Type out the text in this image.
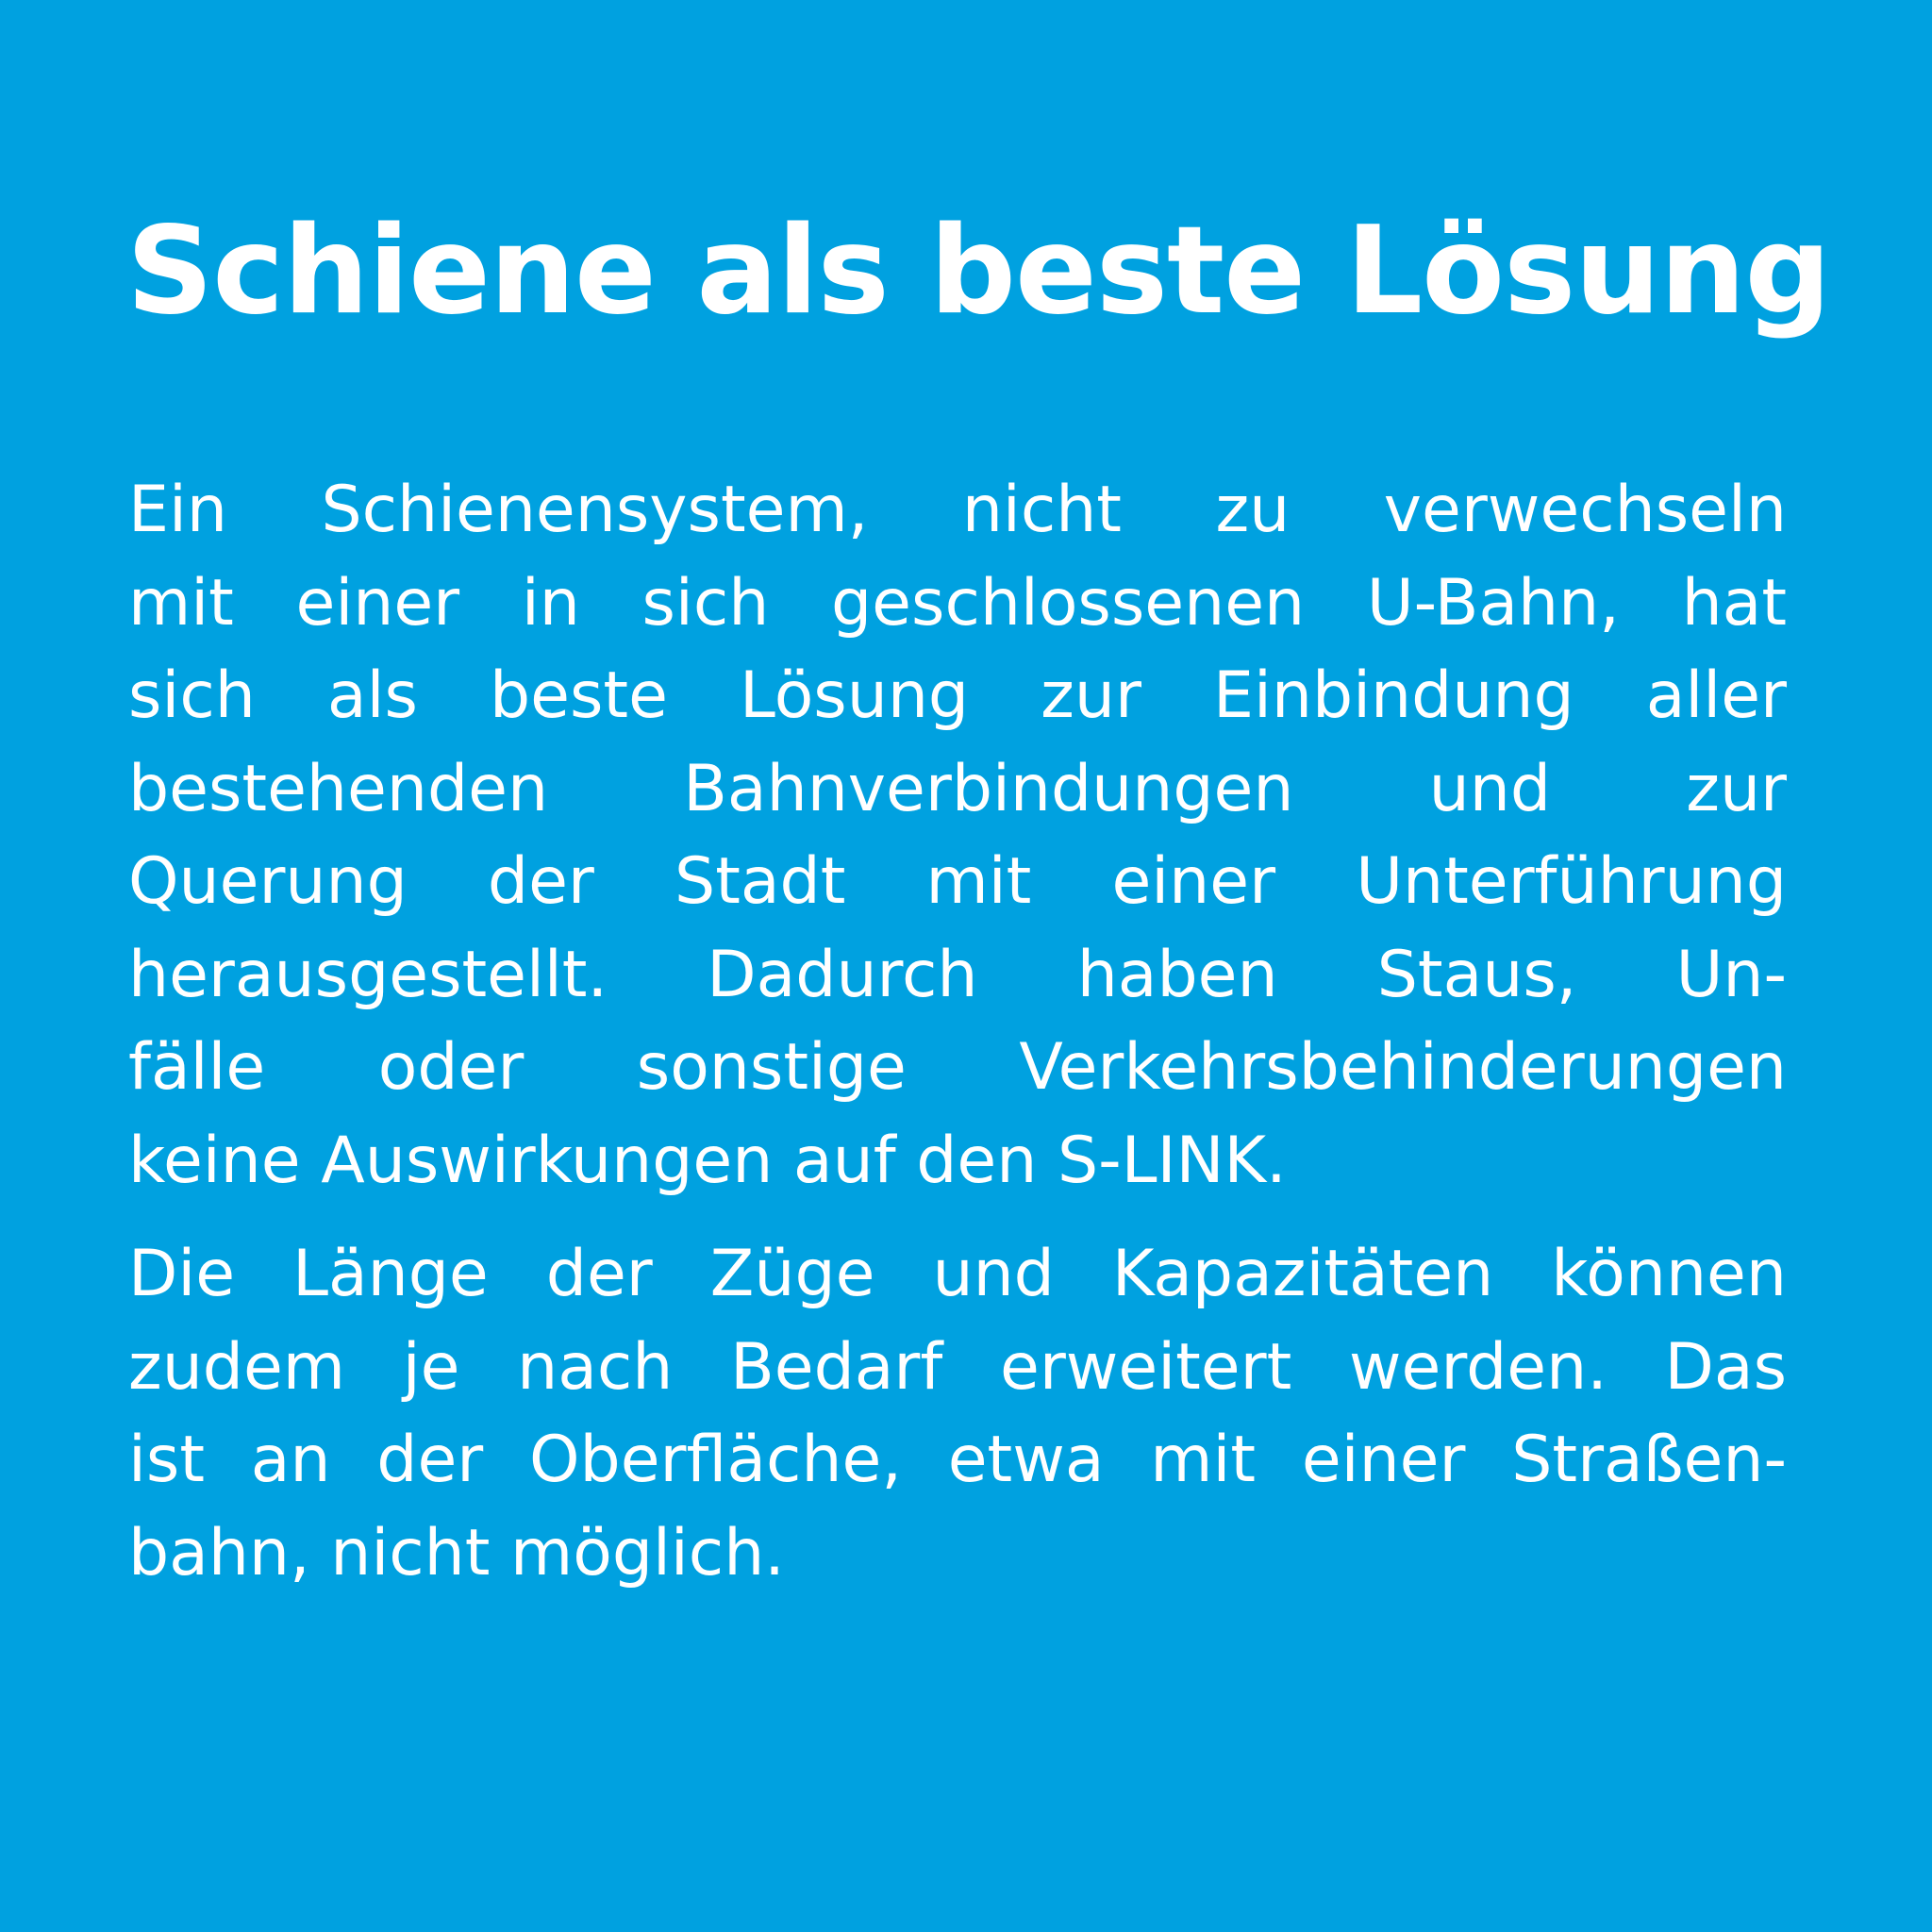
Schiene als beste Lösung

Ein Schienensystem, nicht zu verwechseln
mit einer in sich geschlossenen U-Bahn, hat
sich als beste Lösung zur Einbindung aller
bestehenden Bahnverbindungen und zur
Querung der Stadt mit einer Unterführung
herausgestellt. Dadurch haben Staus, Un-
fälle oder sonstige Verkehrsbehinderungen
keine Auswirkungen auf den S-LINK.

Die Länge der Züge und Kapazitäten können
zudem je nach Bedarf erweitert werden. Das
ist an der Oberfläche, etwa mit einer Straßen-
bahn, nicht möglich.
